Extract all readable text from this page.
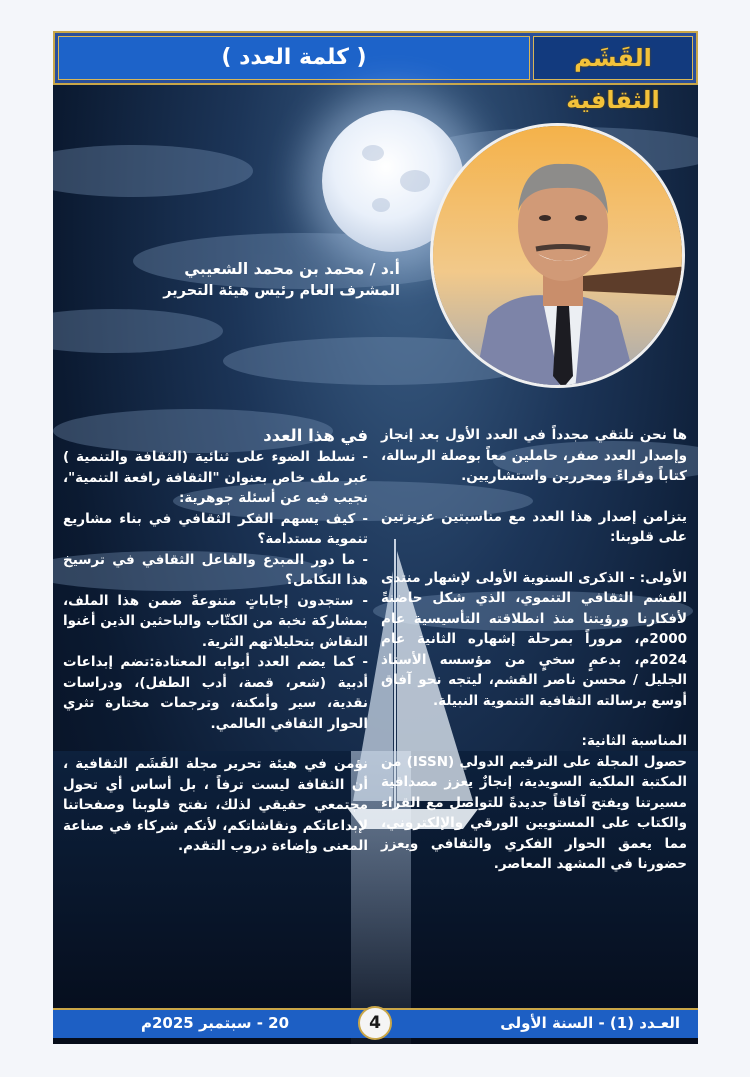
( كلمة العدد )	القَشَم الثقافية
أ.د / محمد بن محمد الشعيبي
المشرف العام رئيس هيئة التحرير

ها نحن نلتقي مجدداً في العدد الأول بعد إنجاز وإصدار العدد صفر، حاملين معاً بوصلة الرسالة، كتاباً وقراءً ومحررين واستشاريين.

يتزامن إصدار هذا العدد مع مناسبتين عزيزتين على قلوبنا:

الأولى: - الذكرى السنوية الأولى لإشهار منتدى القشم الثقافي التنموي، الذي شكل حاضنةً لأفكارنا ورؤيتنا منذ انطلاقته التأسيسية عام 2000م، مروراً بمرحلة إشهاره الثانية عام 2024م، بدعمٍ سخيٍ من مؤسسه الأستاذ الجليل / محسن ناصر القشم، ليتجه نحو آفاق أوسع برسالته الثقافية التنموية النبيلة.

المناسبة الثانية:

حصول المجلة على الترقيم الدولي (ISSN) من المكتبة الملكية السويدية، إنجازٌ يعزز مصداقية مسيرتنا ويفتح آفاقاً جديدةً للتواصل مع القراء والكتاب على المستويين الورقي والإلكتروني، مما يعمق الحوار الفكري والثقافي ويعزز حضورنا في المشهد المعاصر.

في هذا العدد

- نسلط الضوء على ثنائية (الثقافة والتنمية ) عبر ملف خاص بعنوان "الثقافة رافعة التنمية"، نجيب فيه عن أسئلة جوهرية:

- كيف يسهم الفكر الثقافي في بناء مشاريع تنموية مستدامة؟

- ما دور المبدع والفاعل الثقافي في ترسيخ هذا التكامل؟

- ستجدون إجاباتٍ متنوعةً ضمن هذا الملف، بمشاركة نخبة من الكتّاب والباحثين الذين أغنوا النقاش بتحليلاتهم الثرية.

- كما يضم العدد أبوابه المعتادة:تضم إبداعات أدبية (شعر، قصة، أدب الطفل)، ودراسات نقدية، سير وأمكنة، وترجمات مختارة تثري الحوار الثقافي العالمي.

نؤمن في هيئة تحرير مجلة القَشَم الثقافية ، أن الثقافة ليست ترفاً ، بل أساس أي تحول مجتمعي حقيقي لذلك، نفتح قلوبنا وصفحاتنا لإبداعاتكم ونقاشاتكم، لأنكم شركاء في صناعة المعنى وإضاءة دروب التقدم.

العـدد (1) - السنة الأولى
20 - سبتمبر 2025م	4
